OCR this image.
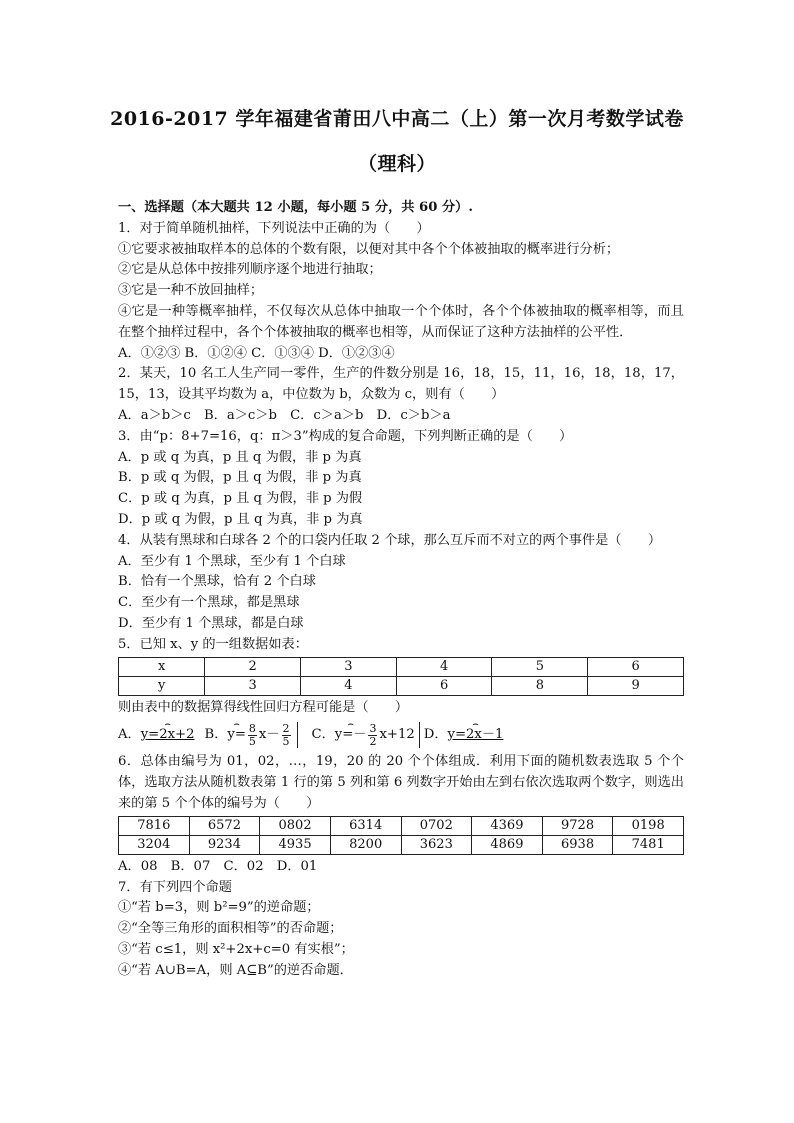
2016-2017 学年福建省莆田八中高二（上）第一次月考数学试卷
（理科）
一、选择题（本大题共 12 小题，每小题 5 分，共 60 分）.
1．对于简单随机抽样，下列说法中正确的为（　　）
①它要求被抽取样本的总体的个数有限，以便对其中各个个体被抽取的概率进行分析；
②它是从总体中按排列顺序逐个地进行抽取；
③它是一种不放回抽样；
④它是一种等概率抽样，不仅每次从总体中抽取一个个体时，各个个体被抽取的概率相等，而且在整个抽样过程中，各个个体被抽取的概率也相等，从而保证了这种方法抽样的公平性．
A．①②③ B．①②④ C．①③④ D．①②③④
2．某天，10 名工人生产同一零件，生产的件数分别是 16，18，15，11，16，18，18，17，15，13，设其平均数为 a，中位数为 b，众数为 c，则有（　　）
A．a＞b＞c　B．a＞c＞b　C．c＞a＞b　D．c＞b＞a
3．由“p：8+7=16，q：π＞3”构成的复合命题，下列判断正确的是（　　）
A．p 或 q 为真，p 且 q 为假，非 p 为真
B．p 或 q 为假，p 且 q 为假，非 p 为真
C．p 或 q 为真，p 且 q 为假，非 p 为假
D．p 或 q 为假，p 且 q 为真，非 p 为真
4．从装有黑球和白球各 2 个的口袋内任取 2 个球，那么互斥而不对立的两个事件是（　　）
A．至少有 1 个黑球，至少有 1 个白球
B．恰有一个黑球，恰有 2 个白球
C．至少有一个黑球，都是黑球
D．至少有 1 个黑球，都是白球
5．已知 x、y 的一组数据如表：
x	2	3	4	5	6
y	3	4	6	8	9
则由表中的数据算得线性回归方程可能是（　　）
A． ⌢ y=2x+2 B． ⌢ $y= \frac{8}{5} x- \frac{2}{5}$ C． ⌢ $y=- \frac{3}{2} x+12$ D． ⌢ y=2x－1
6．总体由编号为 01，02，…，19，20 的 20 个个体组成．利用下面的随机数表选取 5 个个体，选取方法从随机数表第 1 行的第 5 列和第 6 列数字开始由左到右依次选取两个数字，则选出来的第 5 个个体的编号为（　　）
7816	6572	0802	6314	0702	4369	9728	0198
3204	9234	4935	8200	3623	4869	6938	7481
A．08　B．07　C．02　D．01
7．有下列四个命题
①“若 b=3，则 b²=9”的逆命题；
②“全等三角形的面积相等”的否命题；
③“若 c≤1，则 x²+2x+c=0 有实根”；
④“若 A∪B=A，则 A⊆B”的逆否命题．
